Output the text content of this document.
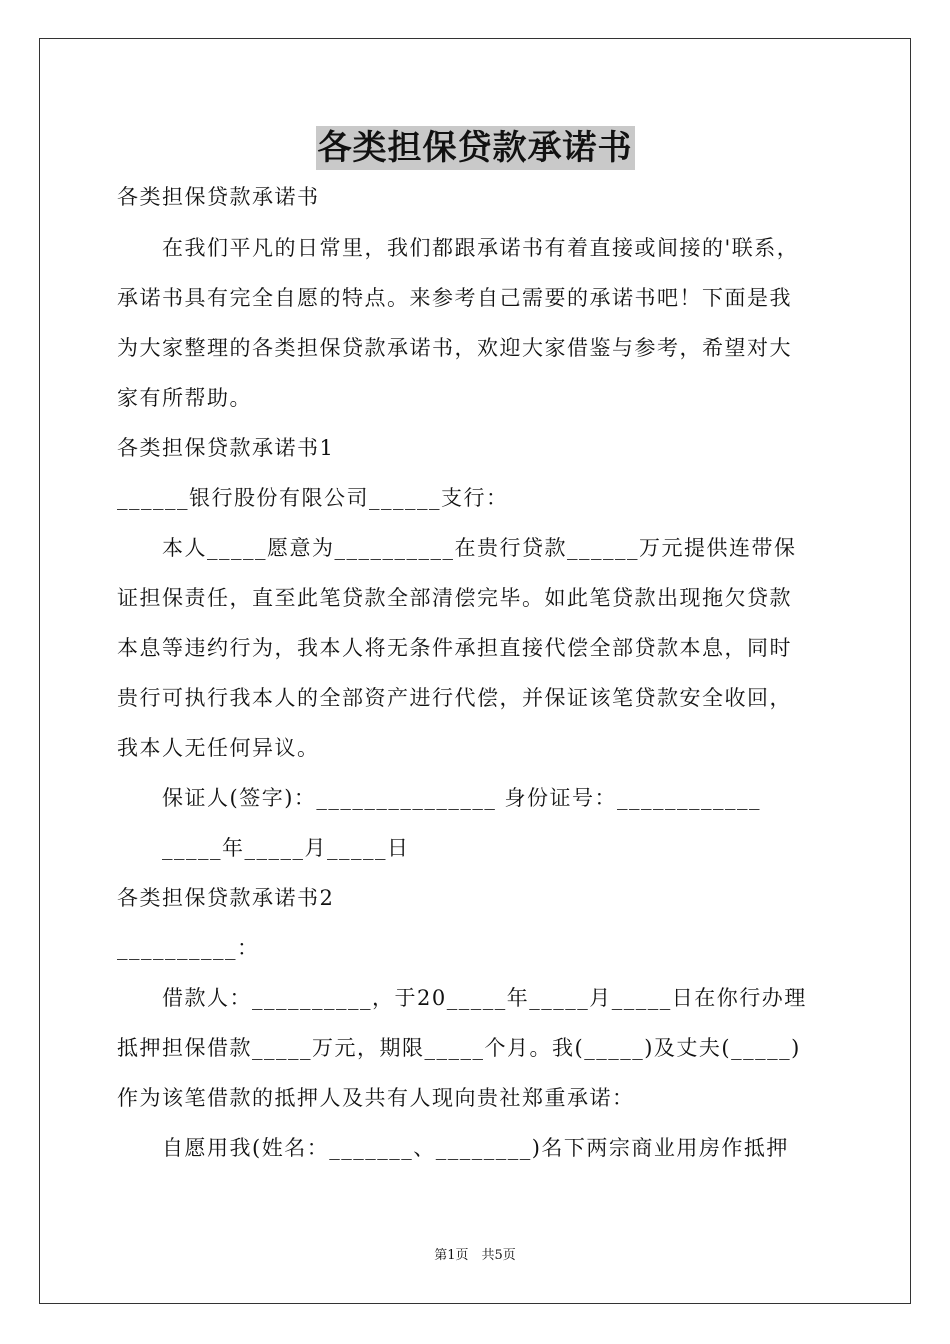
各类担保贷款承诺书
各类担保贷款承诺书
　　在我们平凡的日常里，我们都跟承诺书有着直接或间接的'联系，
承诺书具有完全自愿的特点。来参考自己需要的承诺书吧！下面是我
为大家整理的各类担保贷款承诺书，欢迎大家借鉴与参考，希望对大
家有所帮助。
各类担保贷款承诺书1
______银行股份有限公司______支行：
　　本人_____愿意为__________在贵行贷款______万元提供连带保
证担保责任，直至此笔贷款全部清偿完毕。如此笔贷款出现拖欠贷款
本息等违约行为，我本人将无条件承担直接代偿全部贷款本息，同时
贵行可执行我本人的全部资产进行代偿，并保证该笔贷款安全收回，
我本人无任何异议。
　　保证人(签字)：_______________ 身份证号：____________
　　_____年_____月_____日
各类担保贷款承诺书2
__________：
　　借款人：__________，于20_____年_____月_____日在你行办理
抵押担保借款_____万元，期限_____个月。我(_____)及丈夫(_____)
作为该笔借款的抵押人及共有人现向贵社郑重承诺：
　　自愿用我(姓名：_______、________)名下两宗商业用房作抵押
第1页　共5页
